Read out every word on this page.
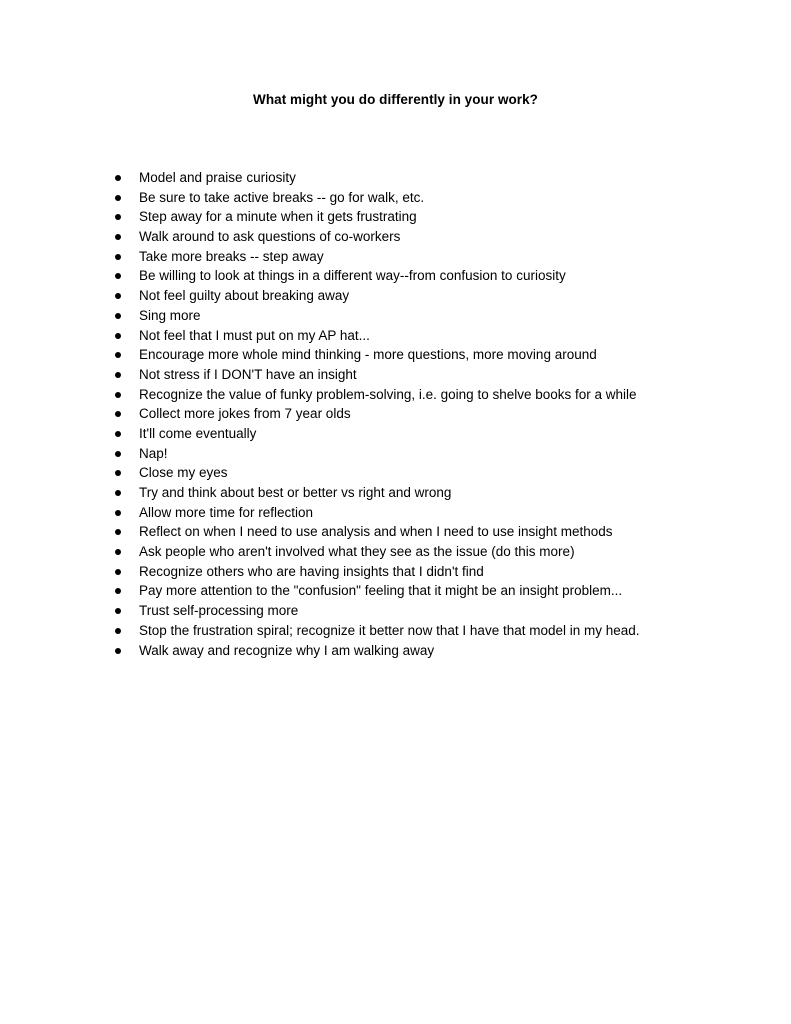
What might you do differently in your work?
Model and praise curiosity
Be sure to take active breaks -- go for walk, etc.
Step away for a minute when it gets frustrating
Walk around to ask questions of co-workers
Take more breaks -- step away
Be willing to look at things in a different way--from confusion to curiosity
Not feel guilty about breaking away
Sing more
Not feel that I must put on my AP hat...
Encourage more whole mind thinking - more questions, more moving around
Not stress if I DON'T have an insight
Recognize the value of funky problem-solving, i.e. going to shelve books for a while
Collect more jokes from 7 year olds
It'll come eventually
Nap!
Close my eyes
Try and think about best or better vs right and wrong
Allow more time for reflection
Reflect on when I need to use analysis and when I need to use insight methods
Ask people who aren't involved what they see as the issue (do this more)
Recognize others who are having insights that I didn't find
Pay more attention to the "confusion" feeling that it might be an insight problem...
Trust self-processing more
Stop the frustration spiral; recognize it better now that I have that model in my head.
Walk away and recognize why I am walking away
